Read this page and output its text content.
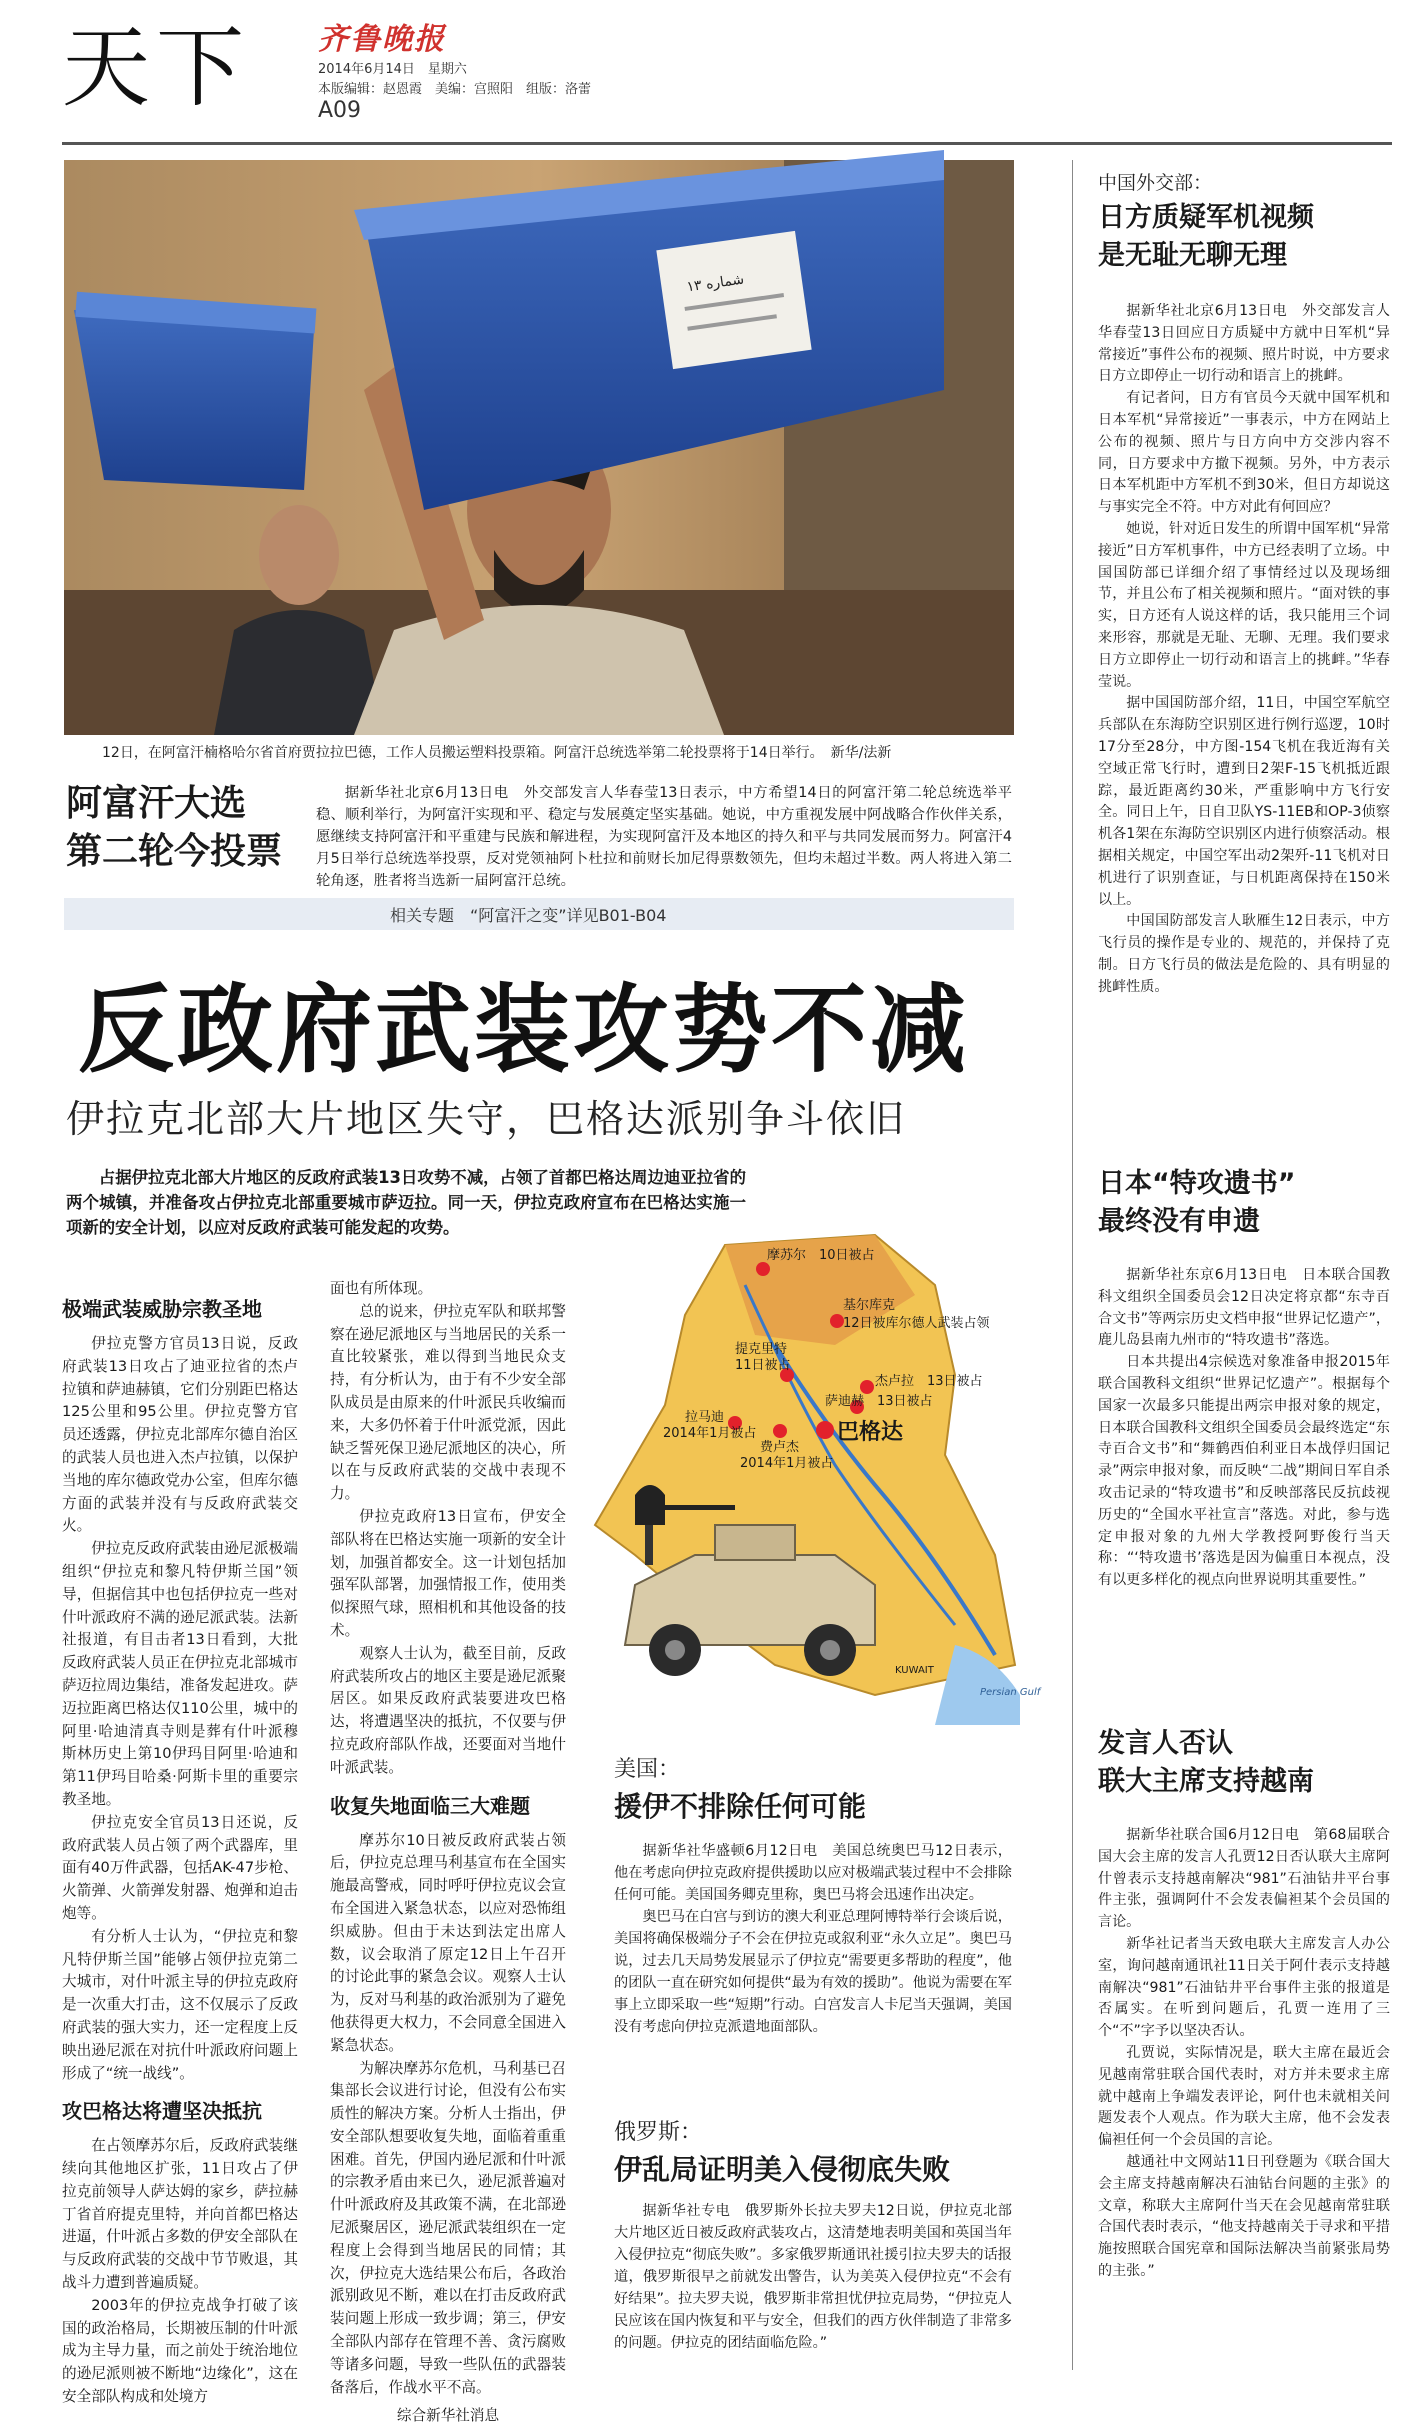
天下 齐鲁晚报
2014年6月14日　星期六
本版编辑：赵恩霞　美编：宫照阳　组版：洛蕾
A09
شماره ۱۳
12日，在阿富汗楠格哈尔省首府贾拉拉巴德，工作人员搬运塑料投票箱。阿富汗总统选举第二轮投票将于14日举行。　新华/法新
阿富汗大选
第二轮今投票

据新华社北京6月13日电　外交部发言人华春莹13日表示，中方希望14日的阿富汗第二轮总统选举平稳、顺利举行，为阿富汗实现和平、稳定与发展奠定坚实基础。她说，中方重视发展中阿战略合作伙伴关系，愿继续支持阿富汗和平重建与民族和解进程，为实现阿富汗及本地区的持久和平与共同发展而努力。阿富汗4月5日举行总统选举投票，反对党领袖阿卜杜拉和前财长加尼得票数领先，但均未超过半数。两人将进入第二轮角逐，胜者将当选新一届阿富汗总统。

相关专题　“阿富汗之变”详见B01-B04
反政府武装攻势不减
伊拉克北部大片地区失守，巴格达派别争斗依旧

占据伊拉克北部大片地区的反政府武装13日攻势不减，占领了首都巴格达周边迪亚拉省的两个城镇，并准备攻占伊拉克北部重要城市萨迈拉。同一天，伊拉克政府宣布在巴格达实施一项新的安全计划，以应对反政府武装可能发起的攻势。

极端武装威胁宗教圣地

伊拉克警方官员13日说，反政府武装13日攻占了迪亚拉省的杰卢拉镇和萨迪赫镇，它们分别距巴格达125公里和95公里。伊拉克警方官员还透露，伊拉克北部库尔德自治区的武装人员也进入杰卢拉镇，以保护当地的库尔德政党办公室，但库尔德方面的武装并没有与反政府武装交火。

伊拉克反政府武装由逊尼派极端组织“伊拉克和黎凡特伊斯兰国”领导，但据信其中也包括伊拉克一些对什叶派政府不满的逊尼派武装。法新社报道，有目击者13日看到，大批反政府武装人员正在伊拉克北部城市萨迈拉周边集结，准备发起进攻。萨迈拉距离巴格达仅110公里，城中的阿里·哈迪清真寺则是葬有什叶派穆斯林历史上第10伊玛目阿里·哈迪和第11伊玛目哈桑·阿斯卡里的重要宗教圣地。

伊拉克安全官员13日还说，反政府武装人员占领了两个武器库，里面有40万件武器，包括AK-47步枪、火箭弹、火箭弹发射器、炮弹和迫击炮等。

有分析人士认为，“伊拉克和黎凡特伊斯兰国”能够占领伊拉克第二大城市，对什叶派主导的伊拉克政府是一次重大打击，这不仅展示了反政府武装的强大实力，还一定程度上反映出逊尼派在对抗什叶派政府问题上形成了“统一战线”。

攻巴格达将遭坚决抵抗

在占领摩苏尔后，反政府武装继续向其他地区扩张，11日攻占了伊拉克前领导人萨达姆的家乡，萨拉赫丁省首府提克里特，并向首都巴格达进逼，什叶派占多数的伊安全部队在与反政府武装的交战中节节败退，其战斗力遭到普遍质疑。

2003年的伊拉克战争打破了该国的政治格局，长期被压制的什叶派成为主导力量，而之前处于统治地位的逊尼派则被不断地“边缘化”，这在安全部队构成和处境方

面也有所体现。

总的说来，伊拉克军队和联邦警察在逊尼派地区与当地居民的关系一直比较紧张，难以得到当地民众支持，有分析认为，由于有不少安全部队成员是由原来的什叶派民兵收编而来，大多仍怀着于什叶派党派，因此缺乏誓死保卫逊尼派地区的决心，所以在与反政府武装的交战中表现不力。

伊拉克政府13日宣布，伊安全部队将在巴格达实施一项新的安全计划，加强首都安全。这一计划包括加强军队部署，加强情报工作，使用类似探照气球，照相机和其他设备的技术。

观察人士认为，截至目前，反政府武装所攻占的地区主要是逊尼派聚居区。如果反政府武装要进攻巴格达，将遭遇坚决的抵抗，不仅要与伊拉克政府部队作战，还要面对当地什叶派武装。

收复失地面临三大难题

摩苏尔10日被反政府武装占领后，伊拉克总理马利基宣布在全国实施最高警戒，同时呼吁伊拉克议会宣布全国进入紧急状态，以应对恐怖组织威胁。但由于未达到法定出席人数，议会取消了原定12日上午召开的讨论此事的紧急会议。观察人士认为，反对马利基的政治派别为了避免他获得更大权力，不会同意全国进入紧急状态。

为解决摩苏尔危机，马利基已召集部长会议进行讨论，但没有公布实质性的解决方案。分析人士指出，伊安全部队想要收复失地，面临着重重困难。首先，伊国内逊尼派和什叶派的宗教矛盾由来已久，逊尼派普遍对什叶派政府及其政策不满，在北部逊尼派聚居区，逊尼派武装组织在一定程度上会得到当地居民的同情；其次，伊拉克大选结果公布后，各政治派别政见不断，难以在打击反政府武装问题上形成一致步调；第三，伊安全部队内部存在管理不善、贪污腐败等诸多问题，导致一些队伍的武器装备落后，作战水平不高。

综合新华社消息

摩苏尔　10日被占
基尔库克
12日被库尔德人武装占领
提克里特
11日被占
杰卢拉　13日被占
萨迪赫　13日被占
拉马迪
2014年1月被占	巴格达
费卢杰
2014年1月被占
KUWAIT
Persian Gulf
美国：
援伊不排除任何可能

据新华社华盛顿6月12日电　美国总统奥巴马12日表示，他在考虑向伊拉克政府提供援助以应对极端武装过程中不会排除任何可能。美国国务卿克里称，奥巴马将会迅速作出决定。

奥巴马在白宫与到访的澳大利亚总理阿博特举行会谈后说，美国将确保极端分子不会在伊拉克或叙利亚“永久立足”。奥巴马说，过去几天局势发展显示了伊拉克“需要更多帮助的程度”，他的团队一直在研究如何提供“最为有效的援助”。他说为需要在军事上立即采取一些“短期”行动。白宫发言人卡尼当天强调，美国没有考虑向伊拉克派遣地面部队。

俄罗斯：
伊乱局证明美入侵彻底失败

据新华社专电　俄罗斯外长拉夫罗夫12日说，伊拉克北部大片地区近日被反政府武装攻占，这清楚地表明美国和英国当年入侵伊拉克“彻底失败”。多家俄罗斯通讯社援引拉夫罗夫的话报道，俄罗斯很早之前就发出警告，认为美英入侵伊拉克“不会有好结果”。拉夫罗夫说，俄罗斯非常担忧伊拉克局势，“伊拉克人民应该在国内恢复和平与安全，但我们的西方伙伴制造了非常多的问题。伊拉克的团结面临危险。”

中国外交部：
日方质疑军机视频
是无耻无聊无理

据新华社北京6月13日电　外交部发言人华春莹13日回应日方质疑中方就中日军机“异常接近”事件公布的视频、照片时说，中方要求日方立即停止一切行动和语言上的挑衅。

有记者问，日方有官员今天就中国军机和日本军机“异常接近”一事表示，中方在网站上公布的视频、照片与日方向中方交涉内容不同，日方要求中方撤下视频。另外，中方表示日本军机距中方军机不到30米，但日方却说这与事实完全不符。中方对此有何回应？

她说，针对近日发生的所谓中国军机“异常接近”日方军机事件，中方已经表明了立场。中国国防部已详细介绍了事情经过以及现场细节，并且公布了相关视频和照片。“面对铁的事实，日方还有人说这样的话，我只能用三个词来形容，那就是无耻、无聊、无理。我们要求日方立即停止一切行动和语言上的挑衅。”华春莹说。

据中国国防部介绍，11日，中国空军航空兵部队在东海防空识别区进行例行巡逻，10时17分至28分，中方图-154飞机在我近海有关空域正常飞行时，遭到日2架F-15飞机抵近跟踪，最近距离约30米，严重影响中方飞行安全。同日上午，日自卫队YS-11EB和OP-3侦察机各1架在东海防空识别区内进行侦察活动。根据相关规定，中国空军出动2架歼-11飞机对日机进行了识别查证，与日机距离保持在150米以上。

中国国防部发言人耿雁生12日表示，中方飞行员的操作是专业的、规范的，并保持了克制。日方飞行员的做法是危险的、具有明显的挑衅性质。

日本“特攻遗书”
最终没有申遗

据新华社东京6月13日电　日本联合国教科文组织全国委员会12日决定将京都“东寺百合文书”等两宗历史文档申报“世界记忆遗产”，鹿儿岛县南九州市的“特攻遗书”落选。

日本共提出4宗候选对象准备申报2015年联合国教科文组织“世界记忆遗产”。根据每个国家一次最多只能提出两宗申报对象的规定，日本联合国教科文组织全国委员会最终选定“东寺百合文书”和“舞鹤西伯利亚日本战俘归国记录”两宗申报对象，而反映“二战”期间日军自杀攻击记录的“特攻遗书”和反映部落民反抗歧视历史的“全国水平社宣言”落选。对此，参与选定申报对象的九州大学教授阿野俊行当天称：“‘特攻遗书’落选是因为偏重日本视点，没有以更多样化的视点向世界说明其重要性。”

发言人否认
联大主席支持越南

据新华社联合国6月12日电　第68届联合国大会主席的发言人孔贾12日否认联大主席阿什曾表示支持越南解决“981”石油钻井平台事件主张，强调阿什不会发表偏袒某个会员国的言论。

新华社记者当天致电联大主席发言人办公室，询问越南通讯社11日关于阿什表示支持越南解决“981”石油钻井平台事件主张的报道是否属实。在听到问题后，孔贾一连用了三个“不”字予以坚决否认。

孔贾说，实际情况是，联大主席在最近会见越南常驻联合国代表时，对方并未要求主席就中越南上争端发表评论，阿什也未就相关问题发表个人观点。作为联大主席，他不会发表偏袒任何一个会员国的言论。

越通社中文网站11日刊登题为《联合国大会主席支持越南解决石油钻台问题的主张》的文章，称联大主席阿什当天在会见越南常驻联合国代表时表示，“他支持越南关于寻求和平措施按照联合国宪章和国际法解决当前紧张局势的主张。”
